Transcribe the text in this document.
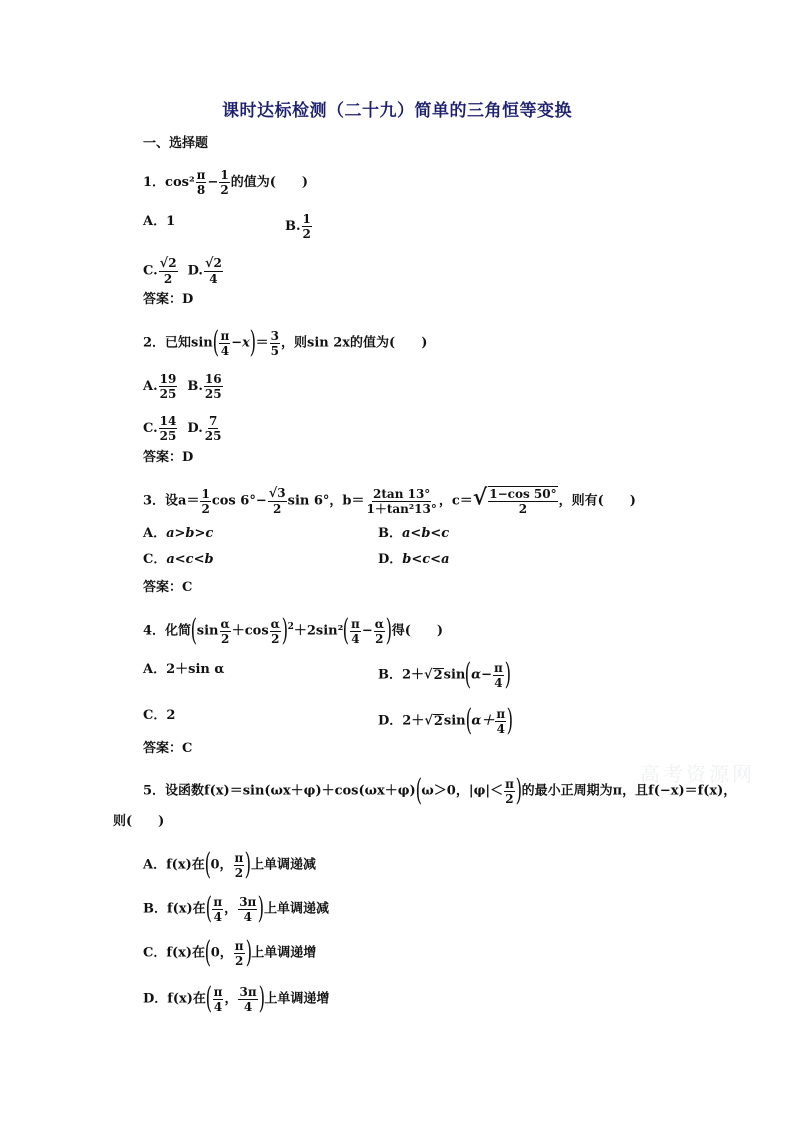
课时达标检测（二十九）简单的三角恒等变换
一、选择题
1．$\cos^2 \frac{\pi}{8} - \frac{1}{2}$ 的值为(　　)
A．1	B. $\frac{1}{2}$
C. $\frac{√2}{2} D$. $\frac{√2}{4}$
答案：D
2．已知$\sin( \frac{\pi}{4} -x)= \frac{3}{5}$ ，则sin 2x的值为(　　)
A. $\frac{19}{25} B$. $\frac{16}{25}$
C. $\frac{14}{25} D$. $\frac{7}{25}$
答案：D
3．设$a= \frac{1}{2}$ $\cos 6^\circ- \frac{√3}{2}$ sin 6°，$b= \frac{2\tan 13^\circ}{\text{1＋tan²13°}}$ ，$c=√ \frac{1-\cos 50^\circ}{2}$ ，则有(　　)
A．a>b>c	B．a<b<c
C．a<c<b	D．b<c<a
答案：C
4．化简$(\sin \frac{\alpha}{2} +\cos \frac{\alpha}{2} )^2+2\sin^2( \frac{\pi}{4} - \frac{\alpha}{2}$ )得(　　)
A．2＋sin α	B．$2+√2\sin(\alpha- \frac{\pi}{4}$ )
C．2	D．$2+√2\sin(\alpha+ \frac{\pi}{4}$ )
答案：C
5．设函数f(x)＝sin(ωx＋φ)＋cos(ωx＋φ)(ω＞0，$|\varphi|< \frac{\pi}{2}$ )的最小正周期为π，且f(−x)＝f(x)，
则(　　)
A．f(x)在(0， $\frac{\pi}{2}$ )上单调递减
B．f(x)在( $\frac{\pi}{4}$ ， $\frac{3\pi}{4}$ )上单调递减
C．f(x)在(0， $\frac{\pi}{2}$ )上单调递增
D．f(x)在( $\frac{\pi}{4}$ ， $\frac{3\pi}{4}$ )上单调递增
高考资源网
